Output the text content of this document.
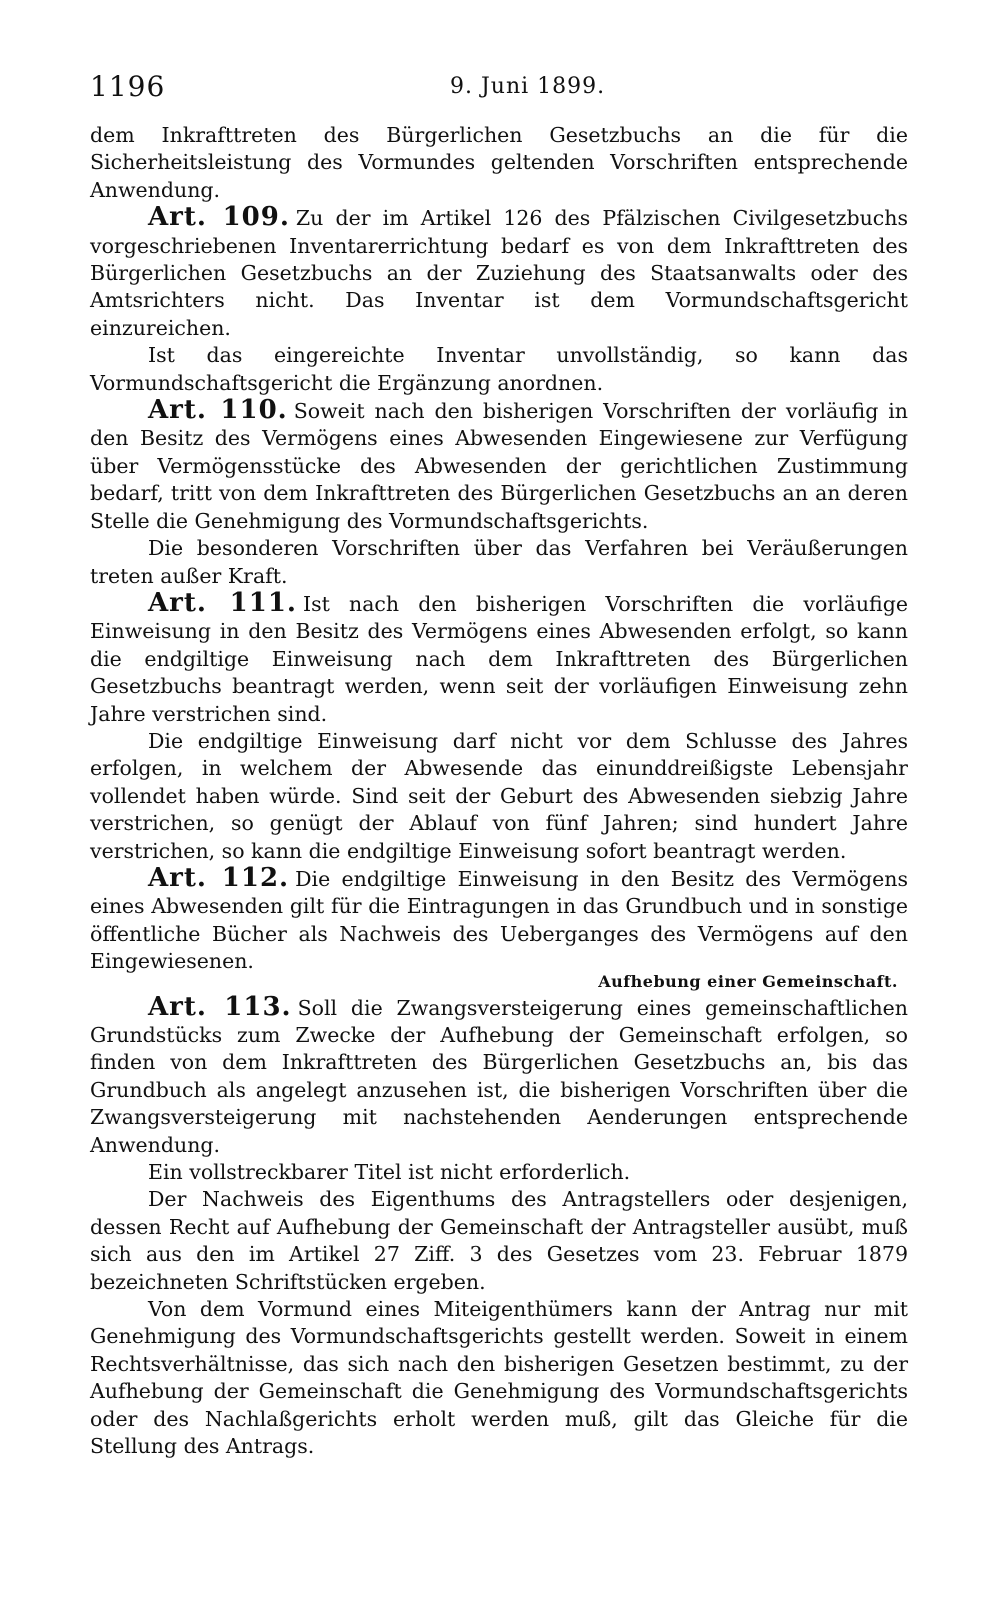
1196	9. Juni 1899.

dem Inkrafttreten des Bürgerlichen Gesetzbuchs an die für die Sicherheitsleistung des Vormundes geltenden Vorschriften entsprechende Anwendung.

Art. 109. Zu der im Artikel 126 des Pfälzischen Civilgesetzbuchs vorgeschriebenen Inventarerrichtung bedarf es von dem Inkrafttreten des Bürgerlichen Gesetzbuchs an der Zuziehung des Staatsanwalts oder des Amtsrichters nicht. Das Inventar ist dem Vormundschaftsgericht einzureichen.

Ist das eingereichte Inventar unvollständig, so kann das Vormundschaftsgericht die Ergänzung anordnen.

Art. 110. Soweit nach den bisherigen Vorschriften der vorläufig in den Besitz des Vermögens eines Abwesenden Eingewiesene zur Verfügung über Vermögensstücke des Abwesenden der gerichtlichen Zustimmung bedarf, tritt von dem Inkrafttreten des Bürgerlichen Gesetzbuchs an an deren Stelle die Genehmigung des Vormundschaftsgerichts.

Die besonderen Vorschriften über das Verfahren bei Veräußerungen treten außer Kraft.

Art. 111. Ist nach den bisherigen Vorschriften die vorläufige Einweisung in den Besitz des Vermögens eines Abwesenden erfolgt, so kann die endgiltige Einweisung nach dem Inkrafttreten des Bürgerlichen Gesetzbuchs beantragt werden, wenn seit der vorläufigen Einweisung zehn Jahre verstrichen sind.

Die endgiltige Einweisung darf nicht vor dem Schlusse des Jahres erfolgen, in welchem der Abwesende das einunddreißigste Lebensjahr vollendet haben würde. Sind seit der Geburt des Abwesenden siebzig Jahre verstrichen, so genügt der Ablauf von fünf Jahren; sind hundert Jahre verstrichen, so kann die endgiltige Einweisung sofort beantragt werden.

Art. 112. Die endgiltige Einweisung in den Besitz des Vermögens eines Abwesenden gilt für die Eintragungen in das Grundbuch und in sonstige öffentliche Bücher als Nachweis des Ueberganges des Vermögens auf den Eingewiesenen.

Aufhebung einer Gemeinschaft.

Art. 113. Soll die Zwangsversteigerung eines gemeinschaftlichen Grundstücks zum Zwecke der Aufhebung der Gemeinschaft erfolgen, so finden von dem Inkrafttreten des Bürgerlichen Gesetzbuchs an, bis das Grundbuch als angelegt anzusehen ist, die bisherigen Vorschriften über die Zwangsversteigerung mit nachstehenden Aenderungen entsprechende Anwendung.

Ein vollstreckbarer Titel ist nicht erforderlich.

Der Nachweis des Eigenthums des Antragstellers oder desjenigen, dessen Recht auf Aufhebung der Gemeinschaft der Antragsteller ausübt, muß sich aus den im Artikel 27 Ziff. 3 des Gesetzes vom 23. Februar 1879 bezeichneten Schriftstücken ergeben.

Von dem Vormund eines Miteigenthümers kann der Antrag nur mit Genehmigung des Vormundschaftsgerichts gestellt werden. Soweit in einem Rechtsverhältnisse, das sich nach den bisherigen Gesetzen bestimmt, zu der Aufhebung der Gemeinschaft die Genehmigung des Vormundschaftsgerichts oder des Nachlaßgerichts erholt werden muß, gilt das Gleiche für die Stellung des Antrags.
